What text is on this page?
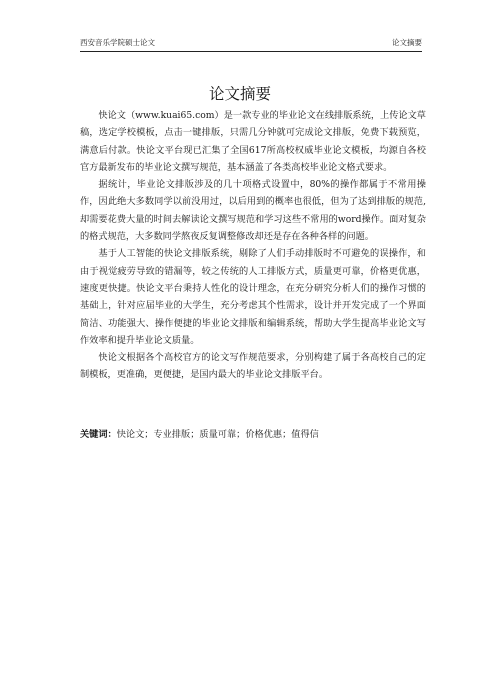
西安音乐学院硕士论文	论文摘要
论文摘要

快论文（www.kuai65.com）是一款专业的毕业论文在线排版系统，上传论文草稿，选定学校模板，点击一键排版，只需几分钟就可完成论文排版，免费下载预览，满意后付款。快论文平台现已汇集了全国617所高校权威毕业论文模板，均源自各校官方最新发布的毕业论文撰写规范，基本涵盖了各类高校毕业论文格式要求。

据统计，毕业论文排版涉及的几十项格式设置中，80%的操作都属于不常用操作，因此绝大多数同学以前没用过，以后用到的概率也很低，但为了达到排版的规范,却需要花费大量的时间去解读论文撰写规范和学习这些不常用的word操作。面对复杂的格式规范，大多数同学熬夜反复调整修改却还是存在各种各样的问题。

基于人工智能的快论文排版系统，剔除了人们手动排版时不可避免的误操作，和由于视觉疲劳导致的错漏等，较之传统的人工排版方式，质量更可靠，价格更优惠，速度更快捷。快论文平台秉持人性化的设计理念，在充分研究分析人们的操作习惯的基础上，针对应届毕业的大学生，充分考虑其个性需求，设计并开发完成了一个界面简洁、功能强大、操作便捷的毕业论文排版和编辑系统，帮助大学生提高毕业论文写作效率和提升毕业论文质量。

快论文根据各个高校官方的论文写作规范要求，分别构建了属于各高校自己的定制模板，更准确，更便捷，是国内最大的毕业论文排版平台。

关键词：快论文；专业排版；质量可靠；价格优惠；值得信
